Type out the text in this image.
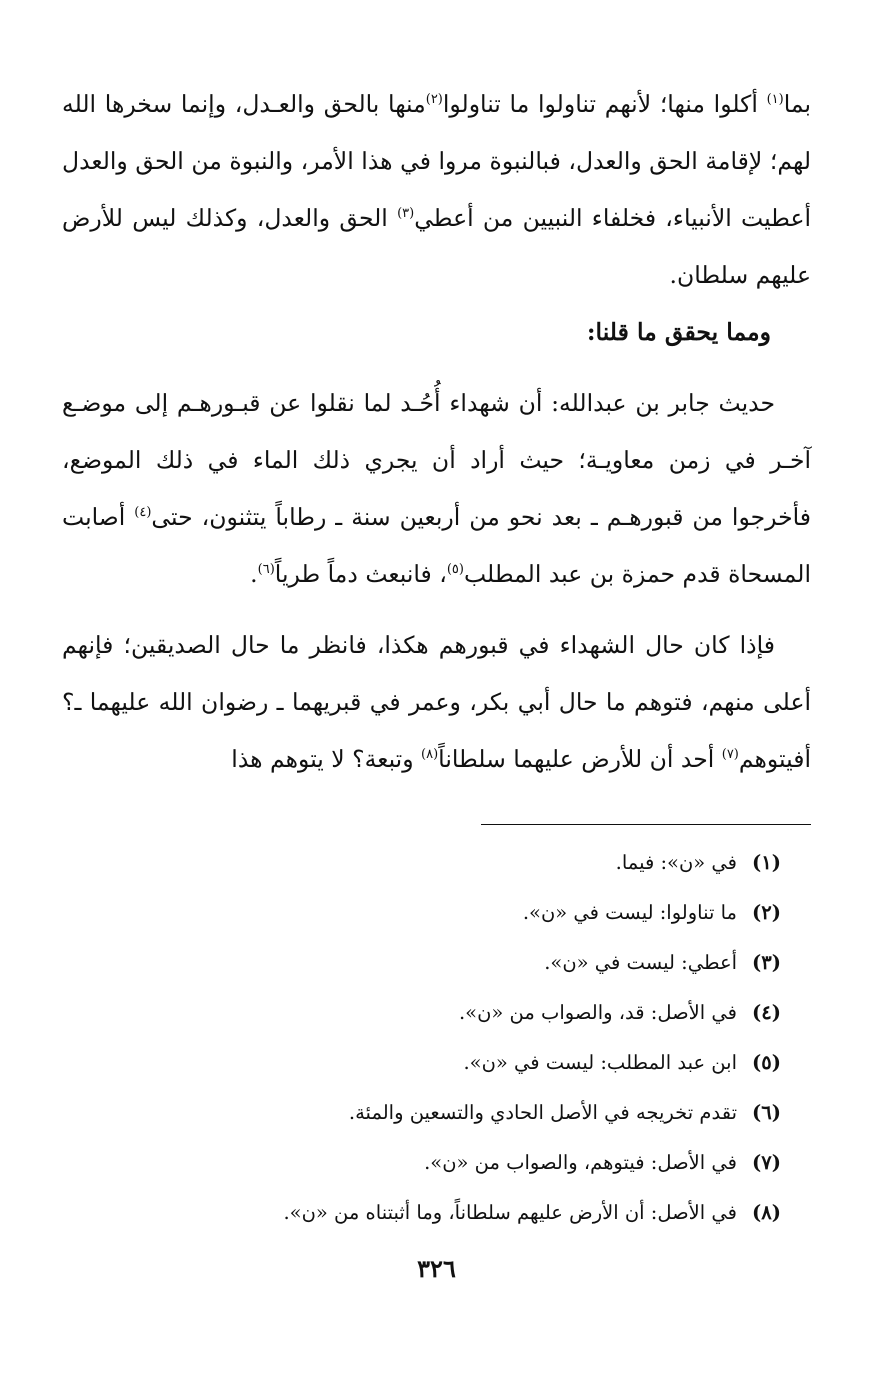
بما$^{(١)}$ أكلوا منها؛ لأنهم تناولوا ما تناولوا$^{(٢)}$منها بالحق والعـدل، وإنما سخرها الله لهم؛ لإقامة الحق والعدل، فبالنبوة مروا في هذا الأمر، والنبوة من الحق والعدل أعطيت الأنبياء، فخلفاء النبيين من أعطي$^{(٣)}$ الحق والعدل، وكذلك ليس للأرض عليهم سلطان.

ومما يحقق ما قلنا:

حديث جابر بن عبدالله: أن شهداء أُحُـد لما نقلوا عن قبـورهـم إلى موضـع آخـر في زمن معاويـة؛ حيث أراد أن يجري ذلك الماء في ذلك الموضع، فأخرجوا من قبورهـم ـ بعد نحو من أربعين سنة ـ رطاباً يتثنون، حتى$^{(٤)}$ أصابت المسحاة قدم حمزة بن عبد المطلب$^{(٥)}$، فانبعث دماً طرياً$^{(٦)}$.

فإذا كان حال الشهداء في قبورهم هكذا، فانظر ما حال الصديقين؛ فإنهم أعلى منهم، فتوهم ما حال أبي بكر، وعمر في قبريهما ـ رضوان الله عليهما ـ؟ أفيتوهم$^{(٧)}$ أحد أن للأرض عليهما سلطاناً$^{(٨)}$ وتبعة؟ لا يتوهم هذا

(١)في «ن»: فيما.
(٢)ما تناولوا: ليست في «ن».
(٣)أعطي: ليست في «ن».
(٤)في الأصل: قد، والصواب من «ن».
(٥)ابن عبد المطلب: ليست في «ن».
(٦)تقدم تخريجه في الأصل الحادي والتسعين والمئة.
(٧)في الأصل: فيتوهم، والصواب من «ن».
(٨)في الأصل: أن الأرض عليهم سلطاناً، وما أثبتناه من «ن».
٣٢٦
